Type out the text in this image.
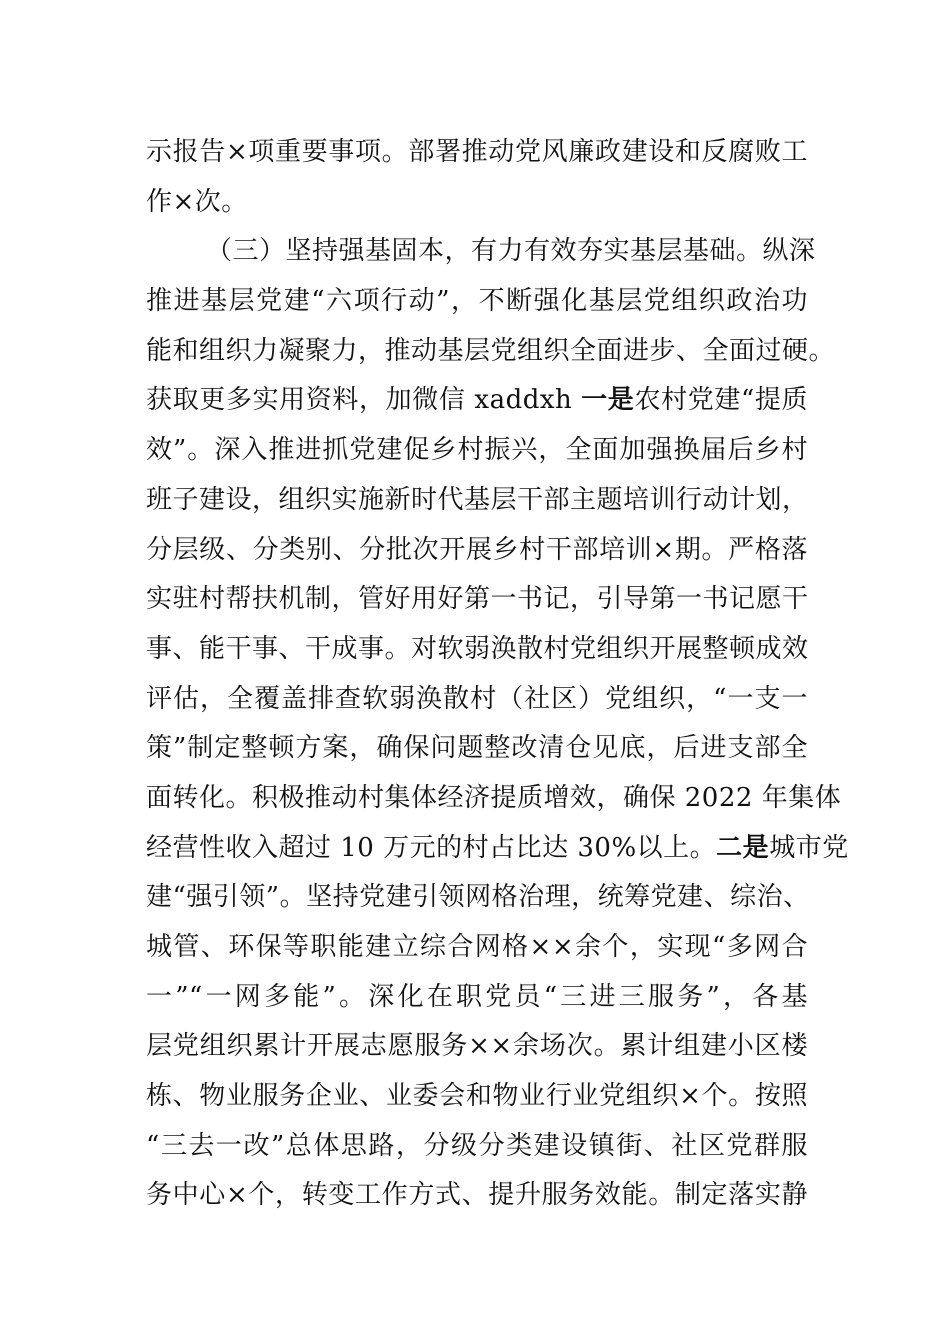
示报告×项重要事项。部署推动党风廉政建设和反腐败工
作×次。
（三）坚持强基固本，有力有效夯实基层基础。纵深
推进基层党建“六项行动”，不断强化基层党组织政治功
能和组织力凝聚力，推动基层党组织全面进步、全面过硬。
获取更多实用资料，加微信 xaddxh 一是农村党建“提质
效”。深入推进抓党建促乡村振兴，全面加强换届后乡村
班子建设，组织实施新时代基层干部主题培训行动计划，
分层级、分类别、分批次开展乡村干部培训×期。严格落
实驻村帮扶机制，管好用好第一书记，引导第一书记愿干
事、能干事、干成事。对软弱涣散村党组织开展整顿成效
评估，全覆盖排查软弱涣散村（社区）党组织，“一支一
策”制定整顿方案，确保问题整改清仓见底，后进支部全
面转化。积极推动村集体经济提质增效，确保 2022 年集体
经营性收入超过 10 万元的村占比达 30%以上。二是城市党
建“强引领”。坚持党建引领网格治理，统筹党建、综治、
城管、环保等职能建立综合网格××余个，实现“多网合
一”“一网多能”。深化在职党员“三进三服务”，各基
层党组织累计开展志愿服务××余场次。累计组建小区楼
栋、物业服务企业、业委会和物业行业党组织×个。按照
“三去一改”总体思路，分级分类建设镇街、社区党群服
务中心×个，转变工作方式、提升服务效能。制定落实静
